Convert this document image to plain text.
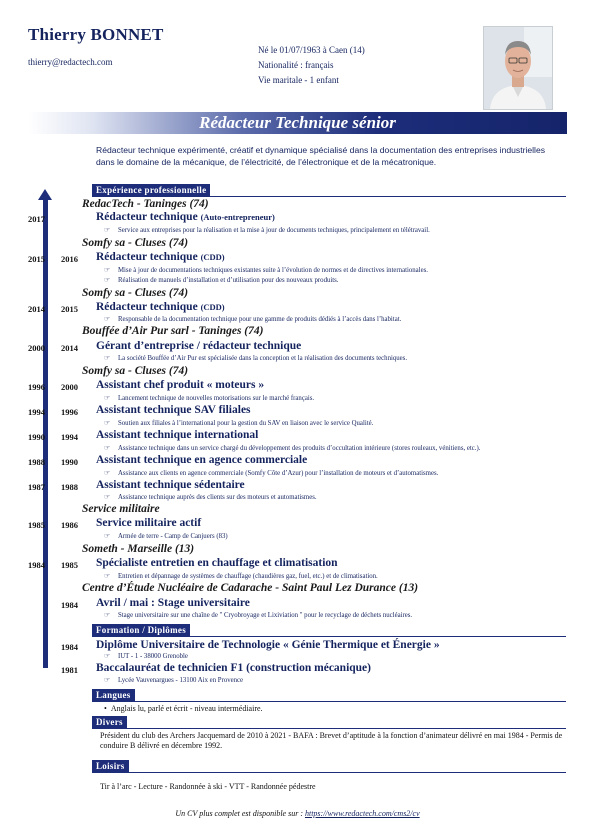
Thierry BONNET
thierry@redactech.com
Né le 01/07/1963 à Caen (14)
Nationalité : français
Vie maritale - 1 enfant
Rédacteur Technique sénior
Rédacteur technique expérimenté, créatif et dynamique spécialisé dans la documentation des entreprises industrielles dans le domaine de la mécanique, de l’électricité, de l’électronique et de la mécatronique.
Expérience professionnelle
RedacTech - Taninges (74)
Somfy sa - Cluses (74)
Somfy sa - Cluses (74)
Bouffée d’Air Pur sarl - Taninges (74)
Somfy sa - Cluses (74)
Service militaire
Someth - Marseille (13)
Centre d’Étude Nucléaire de Cadarache - Saint Paul Lez Durance (13)
2017	Rédacteur technique (Auto-entrepreneur)
☞ Service aux entreprises pour la réalisation et la mise à jour de documents techniques, principalement en télétravail.
2015 2016 Rédacteur technique (CDD)
☞ Mise à jour de documentations techniques existantes suite à l’évolution de normes et de directives internationales.
☞ Réalisation de manuels d’installation et d’utilisation pour des nouveaux produits.
2014 2015 Rédacteur technique (CDD)
☞ Responsable de la documentation technique pour une gamme de produits dédiés à l’accès dans l’habitat.
2000 2014 Gérant d’entreprise / rédacteur technique
☞ La société Bouffée d’Air Pur est spécialisée dans la conception et la réalisation des documents techniques.
1996 2000 Assistant chef produit « moteurs »
☞ Lancement technique de nouvelles motorisations sur le marché français.
1994 1996 Assistant technique SAV filiales
☞ Soutien aux filiales à l’international pour la gestion du SAV en liaison avec le service Qualité.
1990 1994 Assistant technique international
☞ Assistance technique dans un service chargé du développement des produits d’occultation intérieure (stores rouleaux, vénitiens, etc.).
1988 1990 Assistant technique en agence commerciale
☞ Assistance aux clients en agence commerciale (Somfy Côte d’Azur) pour l’installation de moteurs et d’automatismes.
1987 1988 Assistant technique sédentaire
☞ Assistance technique auprès des clients sur des moteurs et automatismes.
1985 1986 Service militaire actif
☞ Armée de terre - Camp de Canjuers (83)
1984 1985 Spécialiste entretien en chauffage et climatisation
☞ Entretien et dépannage de systèmes de chauffage (chaudières gaz, fuel, etc.) et de climatisation.
1984 Avril / mai : Stage universitaire
☞ Stage universitaire sur une chaîne de " Cryobroyage et Lixiviation " pour le recyclage de déchets nucléaires.
Formation / Diplômes
1984 Diplôme Universitaire de Technologie « Génie Thermique et Énergie »
☞ IUT - 1 - 38000 Grenoble
1981 Baccalauréat de technicien F1 (construction mécanique)
☞ Lycée Vauvenargues - 13100 Aix en Provence
Langues
•  Anglais lu, parlé et écrit - niveau intermédiaire.
Divers
Président du club des Archers Jacquemard de 2010 à 2021 - BAFA : Brevet d’aptitude à la fonction d’animateur délivré en mai 1984 - Permis de conduire B délivré en décembre 1992.
Loisirs
Tir à l’arc - Lecture - Randonnée à ski - VTT - Randonnée pédestre
Un CV plus complet est disponible sur : https://www.redactech.com/cms2/cv
